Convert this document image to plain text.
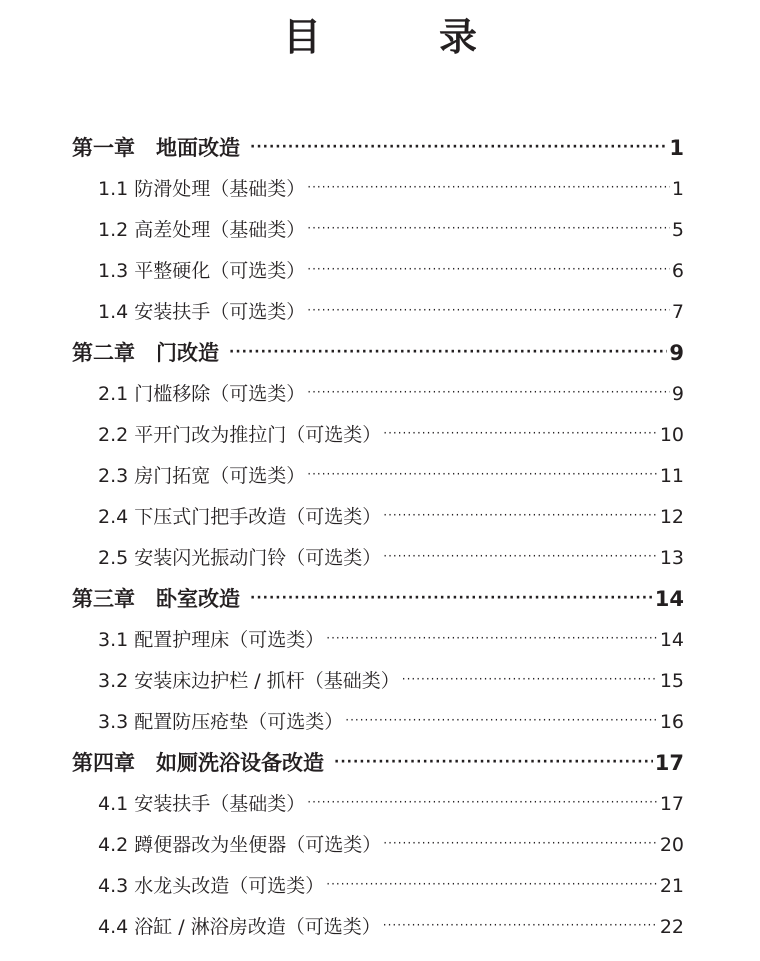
目　录
第一章　地面改造 ·····	1
1.1 防滑处理（基础类） ·····	1
1.2 高差处理（基础类） ·····	5
1.3 平整硬化（可选类） ·····	6
1.4 安装扶手（可选类） ·····	7
第二章　门改造 ·····	9
2.1 门槛移除（可选类） ·····	9
2.2 平开门改为推拉门（可选类） ·····	10
2.3 房门拓宽（可选类） ·····	11
2.4 下压式门把手改造（可选类） ·····	12
2.5 安装闪光振动门铃（可选类） ·····	13
第三章　卧室改造 ·····	14
3.1 配置护理床（可选类） ·····	14
3.2 安装床边护栏 / 抓杆（基础类） ·····	15
3.3 配置防压疮垫（可选类） ·····	16
第四章　如厕洗浴设备改造 ·····	17
4.1 安装扶手（基础类） ·····	17
4.2 蹲便器改为坐便器（可选类） ·····	20
4.3 水龙头改造（可选类） ·····	21
4.4 浴缸 / 淋浴房改造（可选类） ·····	22
